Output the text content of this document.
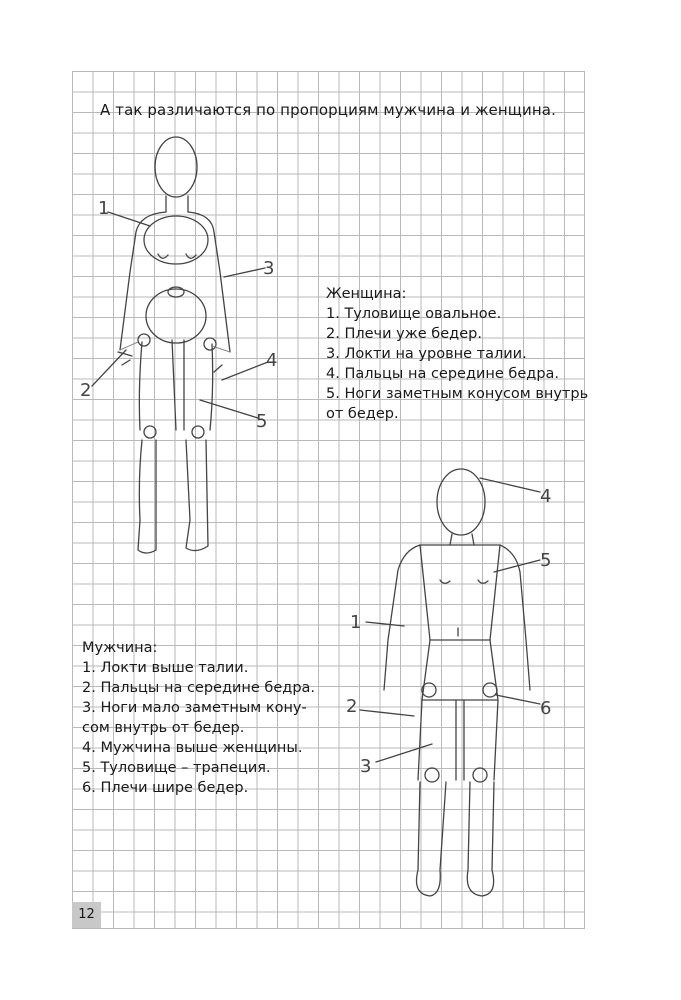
А так различаются по пропорциям мужчина и женщина.
1
2
3
4
5
1
2
3
4
5
6
Женщина:
1. Туловище овальное.
2. Плечи уже бедер.
3. Локти на уровне талии.
4. Пальцы на середине бедра.
5. Ноги заметным конусом внутрь
от бедер.
Мужчина:
1. Локти выше талии.
2. Пальцы на середине бедра.
3. Ноги мало заметным кону-
сом внутрь от бедер.
4. Мужчина выше женщины.
5. Туловище – трапеция.
6. Плечи шире бедер.
12
